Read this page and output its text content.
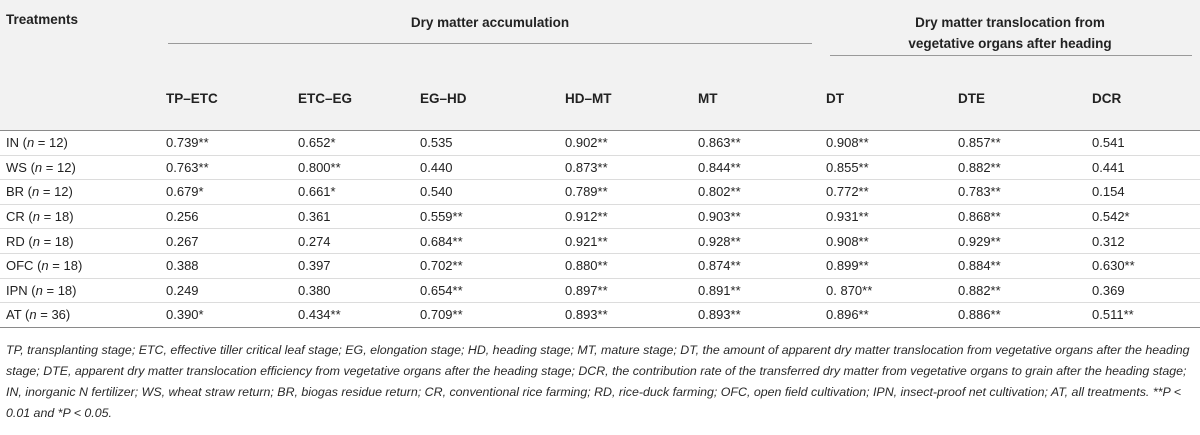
Treatments	Dry matter accumulation					Dry matter translocation from
vegetative organs after heading		

	TP–ETC	ETC–EG	EG–HD	HD–MT	MT	DT	DTE	DCR
IN (n = 12)	0.739**	0.652*	0.535	0.902**	0.863**	0.908**	0.857**	0.541
WS (n = 12)	0.763**	0.800**	0.440	0.873**	0.844**	0.855**	0.882**	0.441
BR (n = 12)	0.679*	0.661*	0.540	0.789**	0.802**	0.772**	0.783**	0.154
CR (n = 18)	0.256	0.361	0.559**	0.912**	0.903**	0.931**	0.868**	0.542*
RD (n = 18)	0.267	0.274	0.684**	0.921**	0.928**	0.908**	0.929**	0.312
OFC (n = 18)	0.388	0.397	0.702**	0.880**	0.874**	0.899**	0.884**	0.630**
IPN (n = 18)	0.249	0.380	0.654**	0.897**	0.891**	0. 870**	0.882**	0.369
AT (n = 36)	0.390*	0.434**	0.709**	0.893**	0.893**	0.896**	0.886**	0.511**
TP, transplanting stage; ETC, effective tiller critical leaf stage; EG, elongation stage; HD, heading stage; MT, mature stage; DT, the amount of apparent dry matter translocation from vegetative organs after the heading stage; DTE, apparent dry matter translocation efficiency from vegetative organs after the heading stage; DCR, the contribution rate of the transferred dry matter from vegetative organs to grain after the heading stage; IN, inorganic N fertilizer; WS, wheat straw return; BR, biogas residue return; CR, conventional rice farming; RD, rice-duck farming; OFC, open field cultivation; IPN, insect-proof net cultivation; AT, all treatments. **P < 0.01 and *P < 0.05.
